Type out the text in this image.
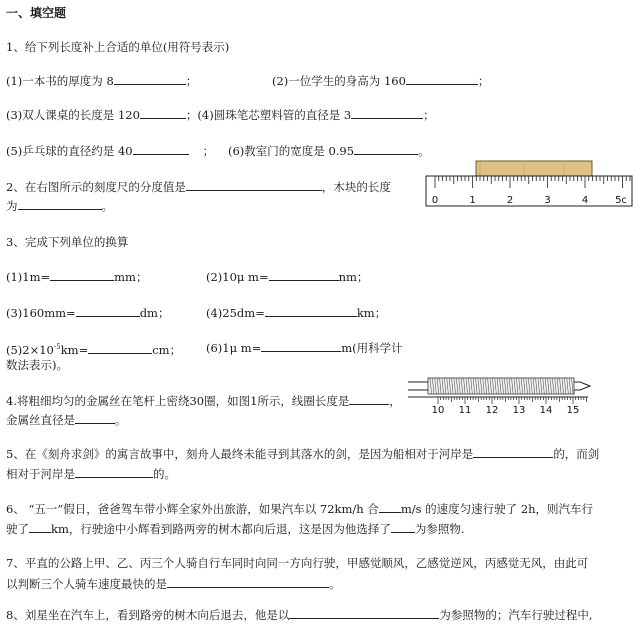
一、填空题
1、给下列长度补上合适的单位(用符号表示)
(1)一本书的厚度为 8	；	(2)一位学生的身高为 160	；
(3)双人课桌的长度是 120	；(4)圆珠笔芯塑料管的直径是 3	；
(5)乒乓球的直径约是 40	； (6)教室门的宽度是 0.95	。
2、在右图所示的刻度尺的分度值是	，木块的长度
为	。	0	1	2	3	4	5c
3、完成下列单位的换算
(1)1m=	mm；	(2)10μ m=	nm；
(3)160mm=	dm；	(4)25dm=	km；
$(5)2\times 10^{-5}km=$	cm； (6)1μ m=	m(用科学计
数法表示)。
4.将粗细均匀的金属丝在笔杆上密绕30圈，如图1所示，线圈长度是	，
金属丝直径是	。
10 11 12 13 14 15
5、在《刻舟求剑》的寓言故事中，刻舟人最终未能寻到其落水的剑，是因为船相对于河岸是	的，而剑
相对于河岸是	的。
6、 “五一”假日，爸爸驾车带小辉全家外出旅游，如果汽车以 72km/h 合 m/s 的速度匀速行驶了 2h，则汽车行
驶了 km，行驶途中小辉看到路两旁的树木都向后退，这是因为他选择了 为参照物.
7、平直的公路上甲、乙、丙三个人骑自行车同时向同一方向行驶，甲感觉顺风，乙感觉逆风，丙感觉无风，由此可
以判断三个人骑车速度最快的是	。
8、刘星坐在汽车上，看到路旁的树木向后退去，他是以	为参照物的；汽车行驶过程中,
